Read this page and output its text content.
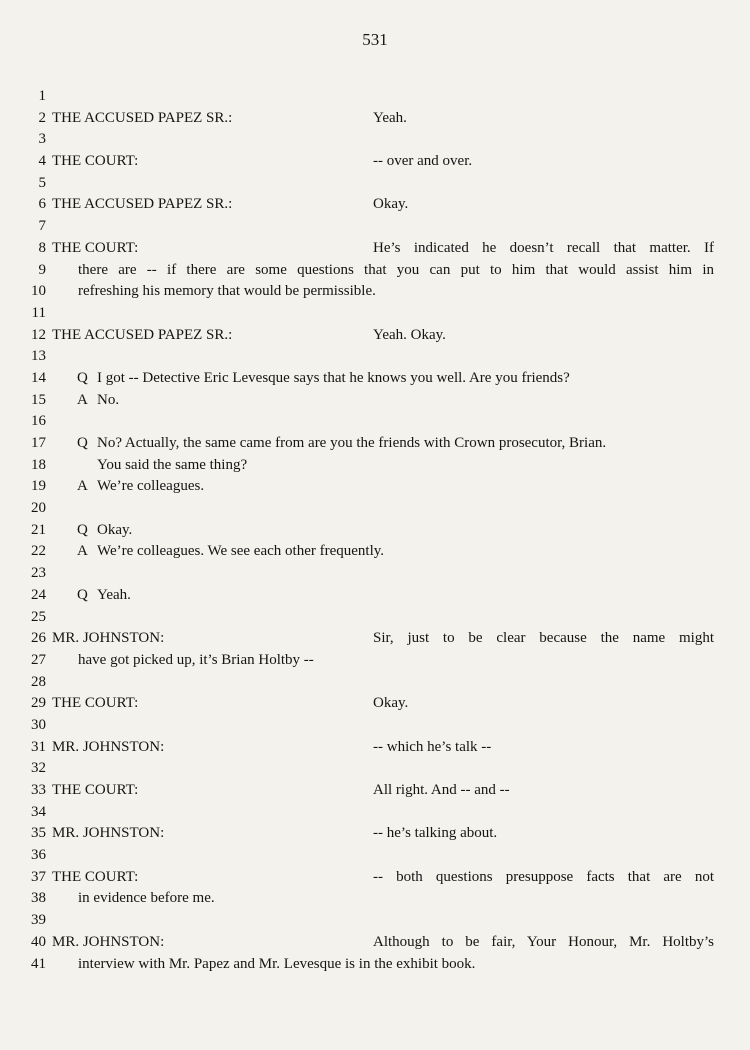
531
1
2 THE ACCUSED PAPEZ SR.:	Yeah.
3
4 THE COURT:	-- over and over.
5
6 THE ACCUSED PAPEZ SR.:	Okay.
7
8 THE COURT:	He’s indicated he doesn’t recall that matter. If
9 there are -- if there are some questions that you can put to him that would assist him in
10 refreshing his memory that would be permissible.
11
12 THE ACCUSED PAPEZ SR.:	Yeah. Okay.
13
14 Q I got -- Detective Eric Levesque says that he knows you well. Are you friends?
15 A No.
16
17 Q No? Actually, the same came from are you the friends with Crown prosecutor, Brian.
18	You said the same thing?
19 A We’re colleagues.
20
21 Q Okay.
22 A We’re colleagues. We see each other frequently.
23
24 Q Yeah.
25
26 MR. JOHNSTON:	Sir, just to be clear because the name might
27 have got picked up, it’s Brian Holtby --
28
29 THE COURT:	Okay.
30
31 MR. JOHNSTON:	-- which he’s talk --
32
33 THE COURT:	All right. And -- and --
34
35 MR. JOHNSTON:	-- he’s talking about.
36
37 THE COURT:	-- both questions presuppose facts that are not
38 in evidence before me.
39
40 MR. JOHNSTON:	Although to be fair, Your Honour, Mr. Holtby’s
41 interview with Mr. Papez and Mr. Levesque is in the exhibit book.
